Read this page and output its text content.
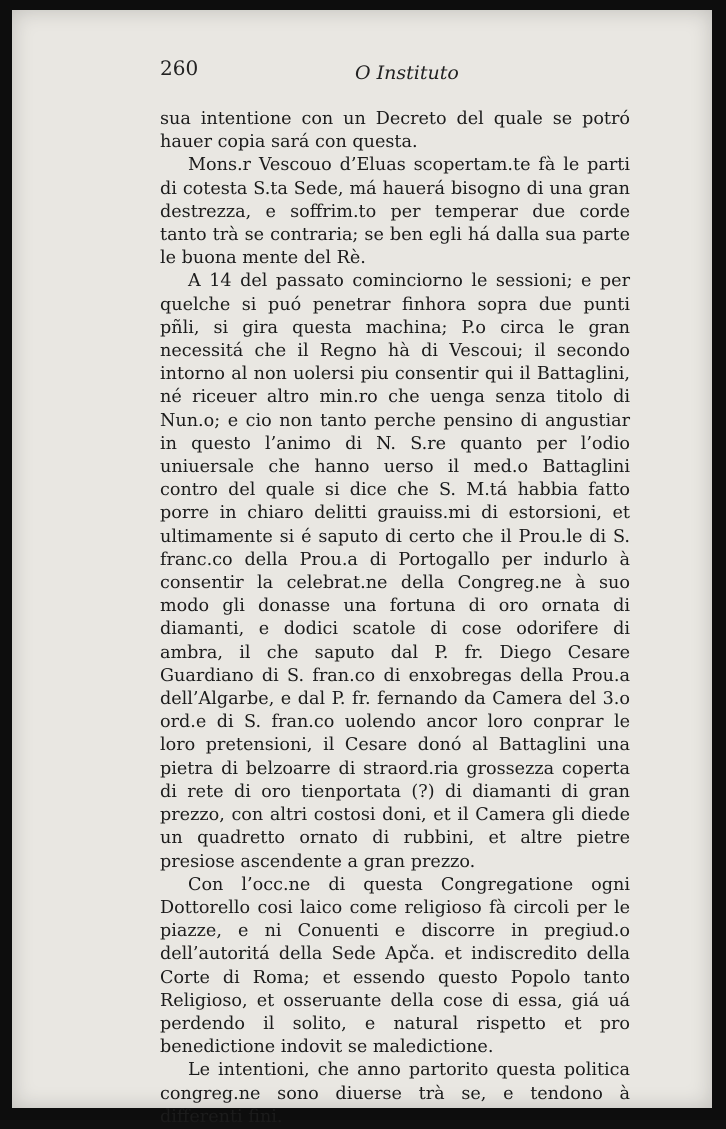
260	O Instituto

sua intentione con un Decreto del quale se potró hauer copia sará con questa.

Mons.r Vescouo d’Eluas scopertam.te fà le parti di cotesta S.ta Sede, má hauerá bisogno di una gran destrezza, e soffrim.to per temperar due corde tanto trà se contraria; se ben egli há dalla sua parte le buona mente del Rè.

A 14 del passato cominciorno le sessioni; e per quelche si puó penetrar finhora sopra due punti pñli, si gira questa machina; P.o circa le gran necessitá che il Regno hà di Vescoui; il secondo intorno al non uolersi piu consentir qui il Battaglini, né riceuer altro min.ro che uenga senza titolo di Nun.o; e cio non tanto perche pensino di angustiar in questo l’animo di N. S.re quanto per l’odio uniuersale che hanno uerso il med.o Battaglini contro del quale si dice che S. M.tá habbia fatto porre in chiaro delitti grauiss.mi di estorsioni, et ultimamente si é saputo di certo che il Prou.le di S. franc.co della Prou.a di Portogallo per indurlo à consentir la celebrat.ne della Congreg.ne à suo modo gli donasse una fortuna di oro ornata di diamanti, e dodici scatole di cose odorifere di ambra, il che saputo dal P. fr. Diego Cesare Guardiano di S. fran.co di enxobregas della Prou.a dell’Algarbe, e dal P. fr. fernando da Camera del 3.o ord.e di S. fran.co uolendo ancor loro conprar le loro pretensioni, il Cesare donó al Battaglini una pietra di belzoarre di straord.ria grossezza coperta di rete di oro tienportata (?) di diamanti di gran prezzo, con altri costosi doni, et il Camera gli diede un quadretto ornato di rubbini, et altre pietre presiose ascendente a gran prezzo.

Con l’occ.ne di questa Congregatione ogni Dottorello cosi laico come religioso fà circoli per le piazze, e ni Conuenti e discorre in pregiud.o dell’autoritá della Sede Apča. et indiscredito della Corte di Roma; et essendo questo Popolo tanto Religioso, et osseruante della cose di essa, giá uá perdendo il solito, e natural rispetto et pro benedictione indovit se maledictione.

Le intentioni, che anno partorito questa politica congreg.ne sono diuerse trà se, e tendono à differenti fini.
